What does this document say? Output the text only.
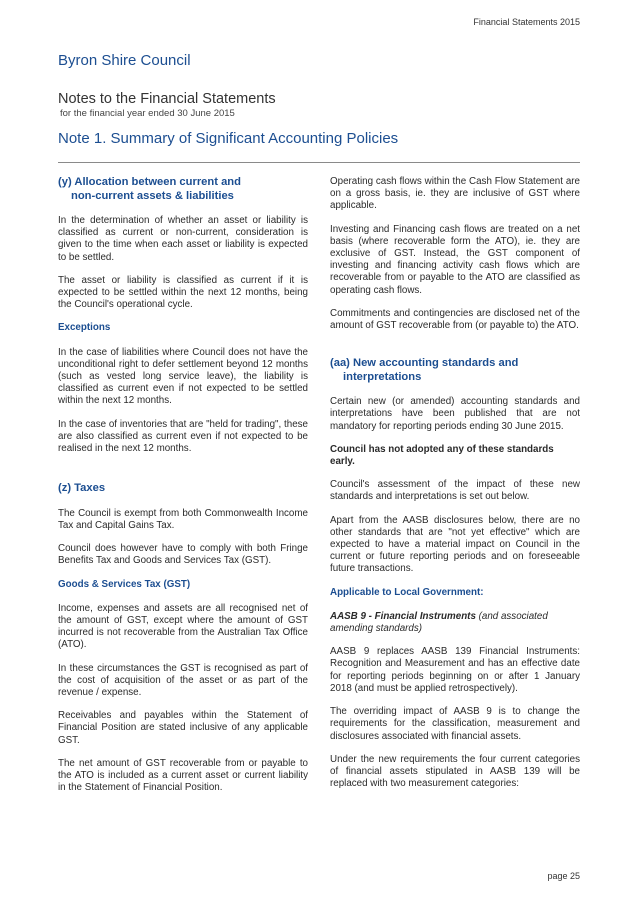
Financial Statements 2015
Byron Shire Council
Notes to the Financial Statements
for the financial year ended 30 June 2015
Note 1. Summary of Significant Accounting Policies
(y) Allocation between current and
non-current assets & liabilities

In the determination of whether an asset or liability is classified as current or non-current, consideration is given to the time when each asset or liability is expected to be settled.

The asset or liability is classified as current if it is expected to be settled within the next 12 months, being the Council's operational cycle.

Exceptions

In the case of liabilities where Council does not have the unconditional right to defer settlement beyond 12 months (such as vested long service leave), the liability is classified as current even if not expected to be settled within the next 12 months.

In the case of inventories that are "held for trading", these are also classified as current even if not expected to be realised in the next 12 months.

(z) Taxes

The Council is exempt from both Commonwealth Income Tax and Capital Gains Tax.

Council does however have to comply with both Fringe Benefits Tax and Goods and Services Tax (GST).

Goods & Services Tax (GST)

Income, expenses and assets are all recognised net of the amount of GST, except where the amount of GST incurred is not recoverable from the Australian Tax Office (ATO).

In these circumstances the GST is recognised as part of the cost of acquisition of the asset or as part of the revenue / expense.

Receivables and payables within the Statement of Financial Position are stated inclusive of any applicable GST.

The net amount of GST recoverable from or payable to the ATO is included as a current asset or current liability in the Statement of Financial Position.

Operating cash flows within the Cash Flow Statement are on a gross basis, ie. they are inclusive of GST where applicable.

Investing and Financing cash flows are treated on a net basis (where recoverable form the ATO), ie. they are exclusive of GST. Instead, the GST component of investing and financing activity cash flows which are recoverable from or payable to the ATO are classified as operating cash flows.

Commitments and contingencies are disclosed net of the amount of GST recoverable from (or payable to) the ATO.

(aa) New accounting standards and
interpretations

Certain new (or amended) accounting standards and interpretations have been published that are not mandatory for reporting periods ending 30 June 2015.

Council has not adopted any of these standards early.

Council's assessment of the impact of these new standards and interpretations is set out below.

Apart from the AASB disclosures below, there are no other standards that are "not yet effective" which are expected to have a material impact on Council in the current or future reporting periods and on foreseeable future transactions.

Applicable to Local Government:
AASB 9 - Financial Instruments (and associated amending standards)

AASB 9 replaces AASB 139 Financial Instruments: Recognition and Measurement and has an effective date for reporting periods beginning on or after 1 January 2018 (and must be applied retrospectively).

The overriding impact of AASB 9 is to change the requirements for the classification, measurement and disclosures associated with financial assets.

Under the new requirements the four current categories of financial assets stipulated in AASB 139 will be replaced with two measurement categories:

page 25
